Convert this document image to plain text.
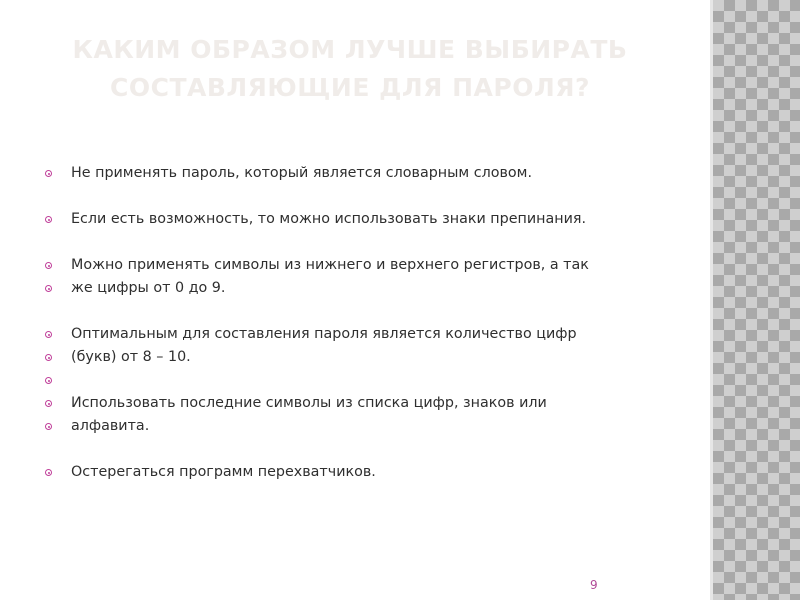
КАКИМ ОБРАЗОМ ЛУЧШЕ ВЫБИРАТЬ
СОСТАВЛЯЮЩИЕ ДЛЯ ПАРОЛЯ?
Не применять пароль, который является словарным словом.
Если есть возможность, то можно использовать знаки препинания.
Можно применять символы из нижнего и верхнего регистров, а так
же цифры от 0 до 9.
Оптимальным для составления пароля является количество цифр
(букв) от 8 – 10.
Использовать последние символы из списка цифр, знаков или
алфавита.
Остерегаться программ перехватчиков.
9
